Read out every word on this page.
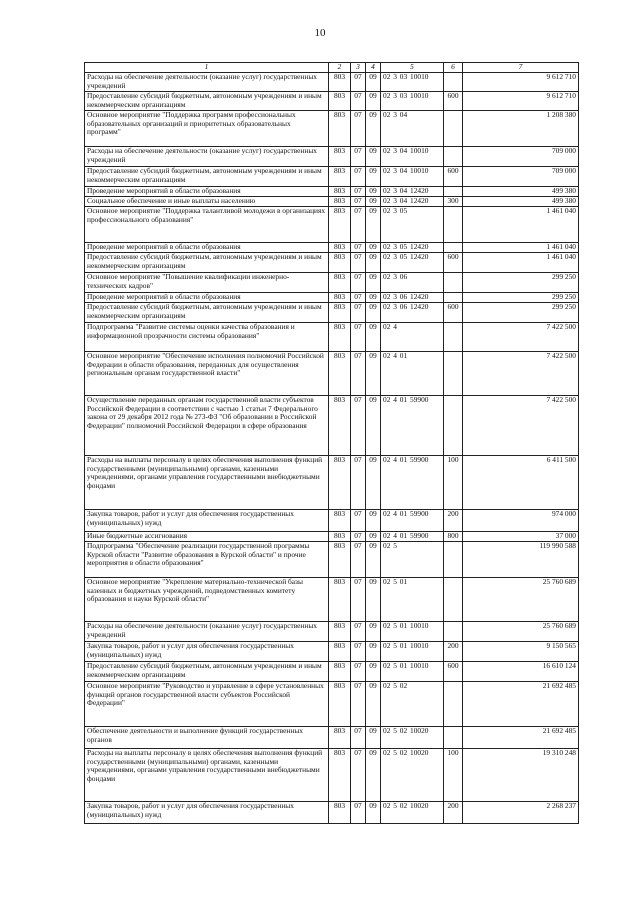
10
1	2	3	4	5	6	7
Расходы на обеспечение деятельности (оказание услуг) государственных учреждений	803	07	09	02 3 03 10010		9 612 710
Предоставление субсидий бюджетным, автономным учреждениям и иным некоммерческим организациям	803	07	09	02 3 03 10010	600	9 612 710
Основное мероприятие "Поддержка программ профессиональных образовательных организаций и приоритетных образовательных программ"	803	07	09	02 3 04		1 208 380
Расходы на обеспечение деятельности (оказание услуг) государственных учреждений	803	07	09	02 3 04 10010		709 000
Предоставление субсидий бюджетным, автономным учреждениям и иным некоммерческим организациям	803	07	09	02 3 04 10010	600	709 000
Проведение мероприятий в области образования	803	07	09	02 3 04 12420		499 380
Социальное обеспечение и иные выплаты населению	803	07	09	02 3 04 12420	300	499 380
Основное мероприятие "Поддержка талантливой молодежи в организациях профессионального образования"	803	07	09	02 3 05		1 461 040
Проведение мероприятий в области образования	803	07	09	02 3 05 12420		1 461 040
Предоставление субсидий бюджетным, автономным учреждениям и иным некоммерческим организациям	803	07	09	02 3 05 12420	600	1 461 040
Основное мероприятие "Повышение квалификации инженерно-технических кадров"	803	07	09	02 3 06		299 250
Проведение мероприятий в области образования	803	07	09	02 3 06 12420		299 250
Предоставление субсидий бюджетным, автономным учреждениям и иным некоммерческим организациям	803	07	09	02 3 06 12420	600	299 250
Подпрограмма "Развитие системы оценки качества образования и информационной прозрачности системы образования"	803	07	09	02 4		7 422 500
Основное мероприятие "Обеспечение исполнения полномочий Российской Федерации в области образования, переданных для осуществления региональным органам государственной власти"	803	07	09	02 4 01		7 422 500
Осуществление переданных органам государственной власти субъектов Российской Федерации в соответствии с частью 1 статьи 7 Федерального закона от 29 декабря 2012 года № 273-ФЗ "Об образовании в Российской Федерации" полномочий Российской Федерации в сфере образования	803	07	09	02 4 01 59900		7 422 500
Расходы на выплаты персоналу в целях обеспечения выполнения функций государственными (муниципальными) органами, казенными учреждениями, органами управления государственными внебюджетными фондами	803	07	09	02 4 01 59900	100	6 411 500
Закупка товаров, работ и услуг для обеспечения государственных (муниципальных) нужд	803	07	09	02 4 01 59900	200	974 000
Иные бюджетные ассигнования	803	07	09	02 4 01 59900	800	37 000
Подпрограмма "Обеспечение реализации государственной программы Курской области "Развитие образования в Курской области" и прочие мероприятия в области образования"	803	07	09	02 5		119 990 588
Основное мероприятие "Укрепление материально-технической базы казенных и бюджетных учреждений, подведомственных комитету образования и науки Курской области"	803	07	09	02 5 01		25 760 689
Расходы на обеспечение деятельности (оказание услуг) государственных учреждений	803	07	09	02 5 01 10010		25 760 689
Закупка товаров, работ и услуг для обеспечения государственных (муниципальных) нужд	803	07	09	02 5 01 10010	200	9 150 565
Предоставление субсидий бюджетным, автономным учреждениям и иным некоммерческим организациям	803	07	09	02 5 01 10010	600	16 610 124
Основное мероприятие "Руководство и управление в сфере установленных функций органов государственной власти субъектов Российской Федерации"	803	07	09	02 5 02		21 692 485
Обеспечение деятельности и выполнение функций государственных органов	803	07	09	02 5 02 10020		21 692 485
Расходы на выплаты персоналу в целях обеспечения выполнения функций государственными (муниципальными) органами, казенными учреждениями, органами управления государственными внебюджетными фондами	803	07	09	02 5 02 10020	100	19 310 248
Закупка товаров, работ и услуг для обеспечения государственных (муниципальных) нужд	803	07	09	02 5 02 10020	200	2 268 237
